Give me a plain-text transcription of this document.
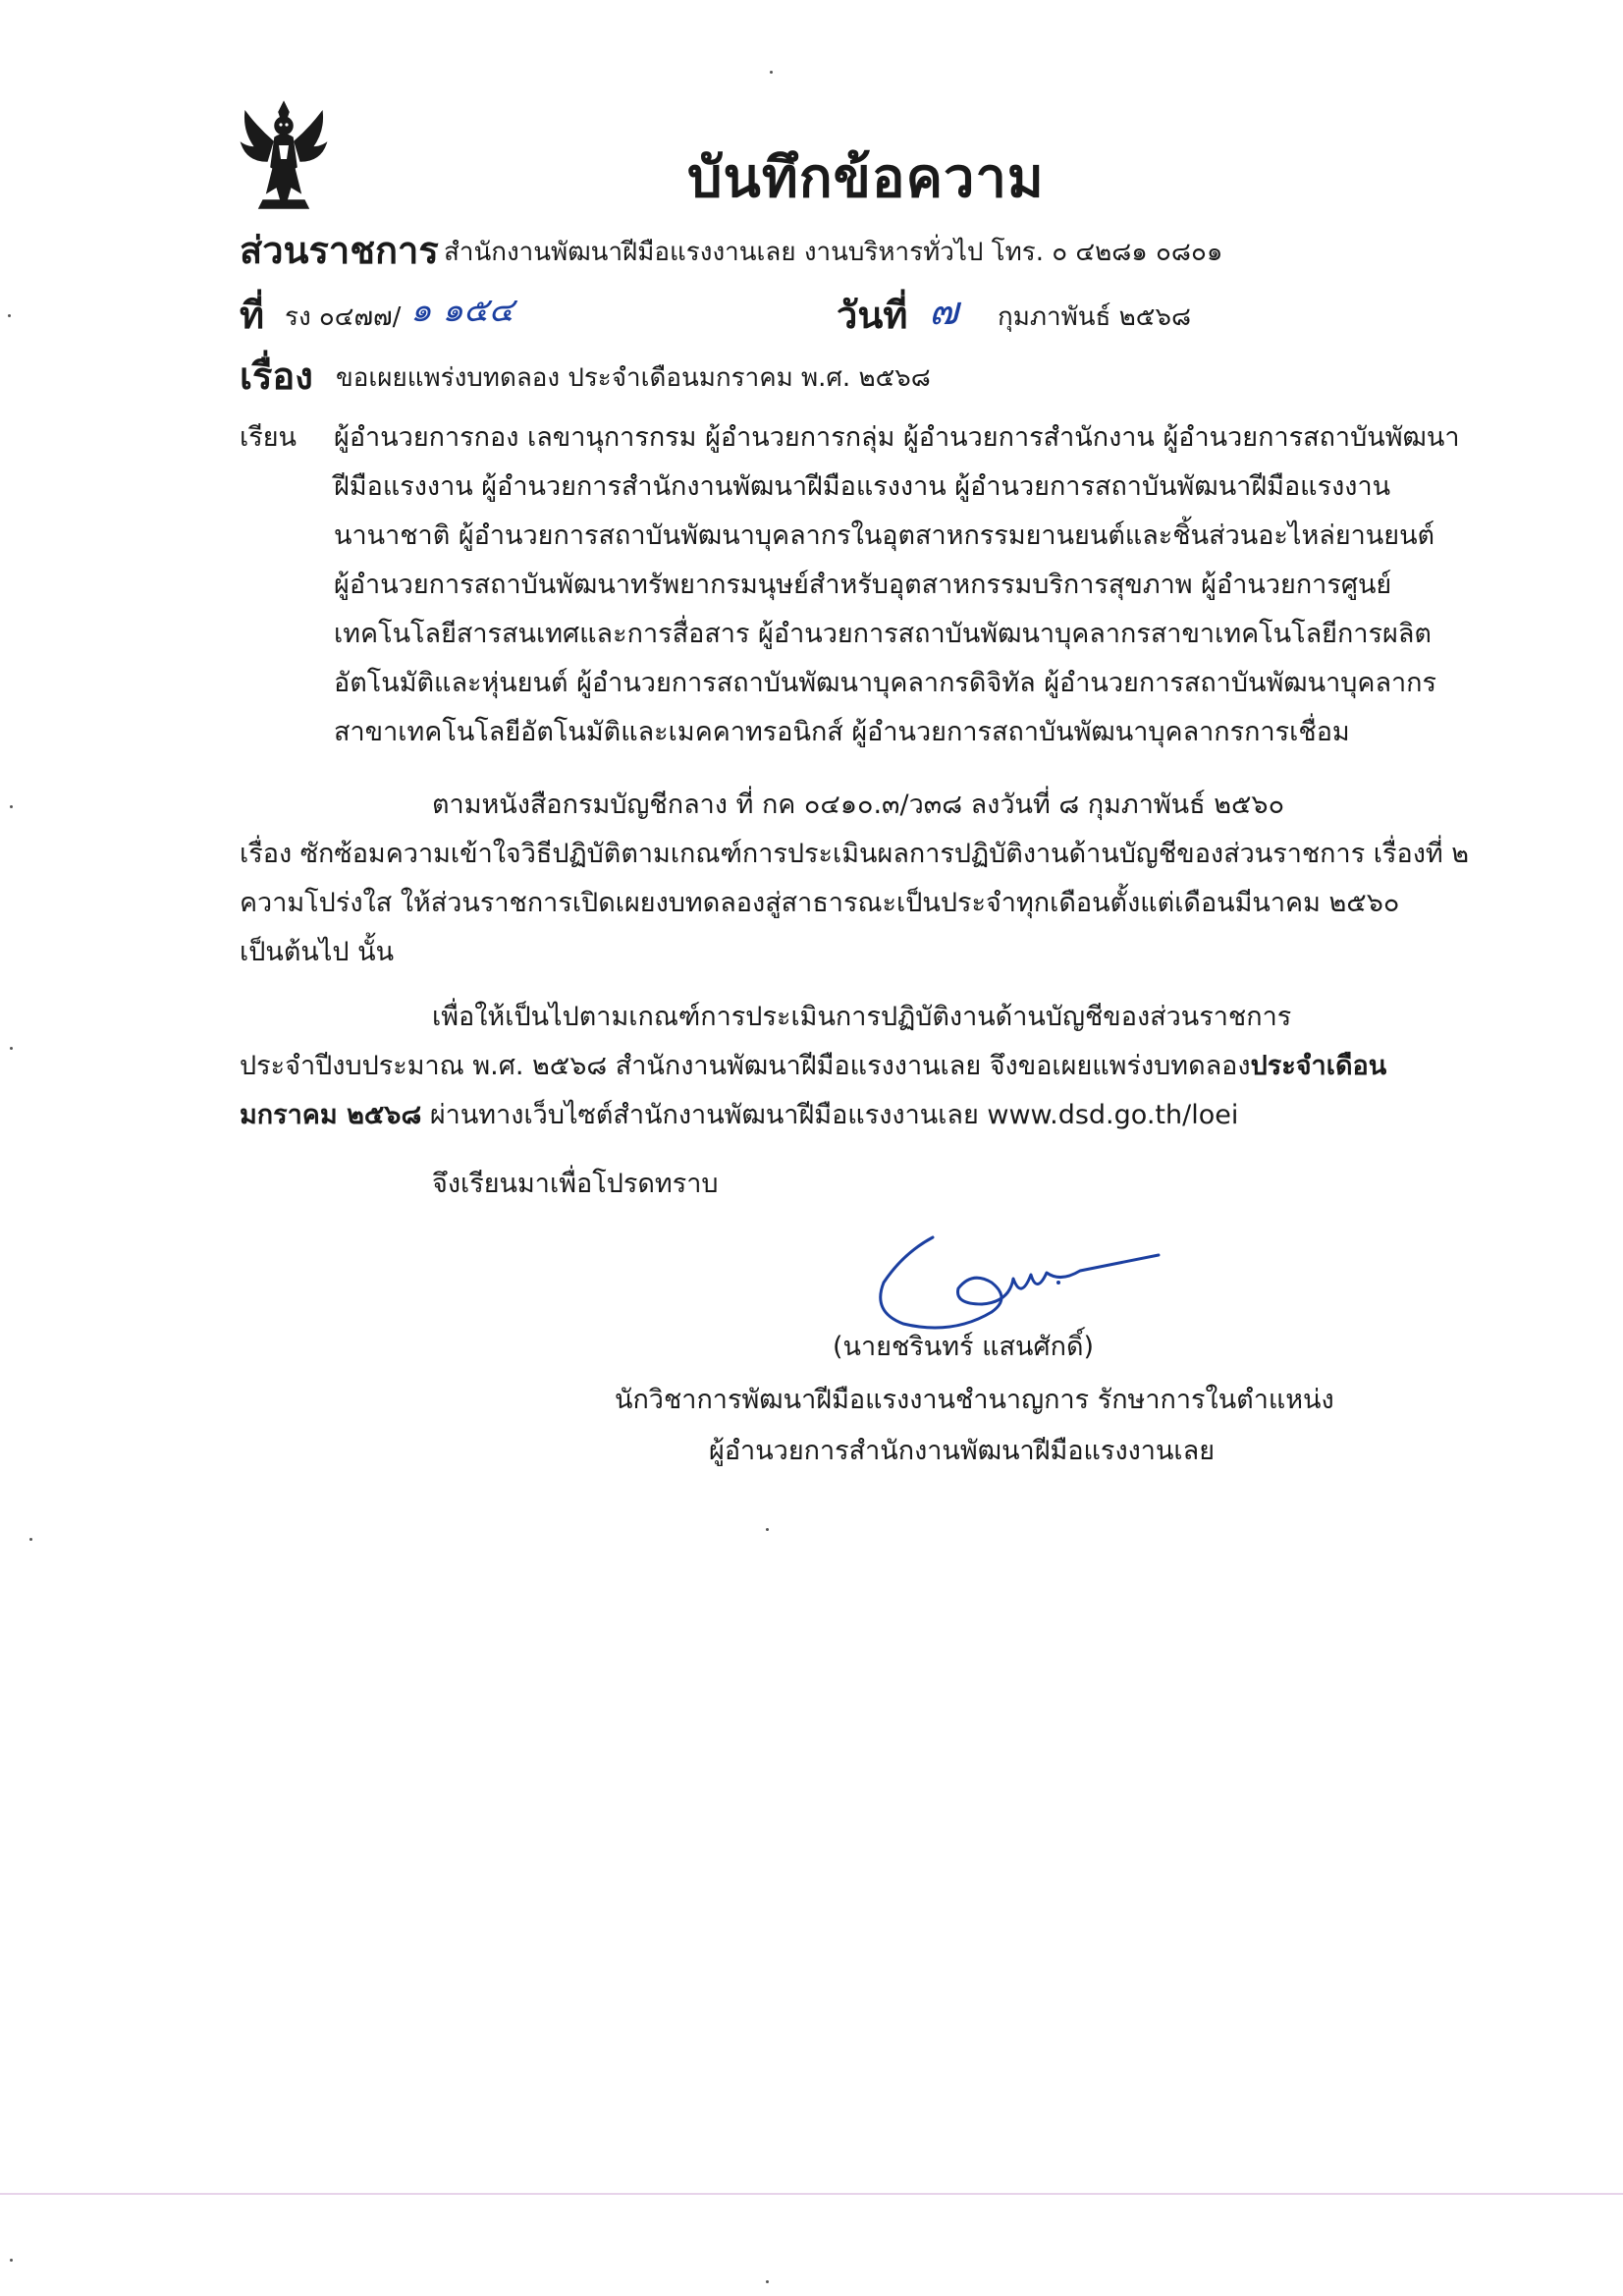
บันทึกข้อความ
ส่วนราชการ สำนักงานพัฒนาฝีมือแรงงานเลย งานบริหารทั่วไป โทร. ๐ ๔๒๘๑ ๐๘๐๑
ที่ รง ๐๔๗๗/ ๑ ๑๕๔	วันที่ ๗ กุมภาพันธ์ ๒๕๖๘
เรื่อง ขอเผยแพร่งบทดลอง ประจำเดือนมกราคม พ.ศ. ๒๕๖๘
เรียน ผู้อำนวยการกอง เลขานุการกรม ผู้อำนวยการกลุ่ม ผู้อำนวยการสำนักงาน ผู้อำนวยการสถาบันพัฒนา
ฝีมือแรงงาน ผู้อำนวยการสำนักงานพัฒนาฝีมือแรงงาน ผู้อำนวยการสถาบันพัฒนาฝีมือแรงงาน
นานาชาติ ผู้อำนวยการสถาบันพัฒนาบุคลากรในอุตสาหกรรมยานยนต์และชิ้นส่วนอะไหล่ยานยนต์
ผู้อำนวยการสถาบันพัฒนาทรัพยากรมนุษย์สำหรับอุตสาหกรรมบริการสุขภาพ ผู้อำนวยการศูนย์
เทคโนโลยีสารสนเทศและการสื่อสาร ผู้อำนวยการสถาบันพัฒนาบุคลากรสาขาเทคโนโลยีการผลิต
อัตโนมัติและหุ่นยนต์ ผู้อำนวยการสถาบันพัฒนาบุคลากรดิจิทัล ผู้อำนวยการสถาบันพัฒนาบุคลากร
สาขาเทคโนโลยีอัตโนมัติและเมคคาทรอนิกส์ ผู้อำนวยการสถาบันพัฒนาบุคลากรการเชื่อม
ตามหนังสือกรมบัญชีกลาง ที่ กค ๐๔๑๐.๓/ว๓๘ ลงวันที่ ๘ กุมภาพันธ์ ๒๕๖๐
เรื่อง ซักซ้อมความเข้าใจวิธีปฏิบัติตามเกณฑ์การประเมินผลการปฏิบัติงานด้านบัญชีของส่วนราชการ เรื่องที่ ๒
ความโปร่งใส ให้ส่วนราชการเปิดเผยงบทดลองสู่สาธารณะเป็นประจำทุกเดือนตั้งแต่เดือนมีนาคม ๒๕๖๐
เป็นต้นไป นั้น
เพื่อให้เป็นไปตามเกณฑ์การประเมินการปฏิบัติงานด้านบัญชีของส่วนราชการ
ประจำปีงบประมาณ พ.ศ. ๒๕๖๘ สำนักงานพัฒนาฝีมือแรงงานเลย จึงขอเผยแพร่งบทดลองประจำเดือน
มกราคม ๒๕๖๘ ผ่านทางเว็บไซต์สำนักงานพัฒนาฝีมือแรงงานเลย www.dsd.go.th/loei
จึงเรียนมาเพื่อโปรดทราบ
(นายชรินทร์ แสนศักดิ์)
นักวิชาการพัฒนาฝีมือแรงงานชำนาญการ รักษาการในตำแหน่ง
ผู้อำนวยการสำนักงานพัฒนาฝีมือแรงงานเลย
